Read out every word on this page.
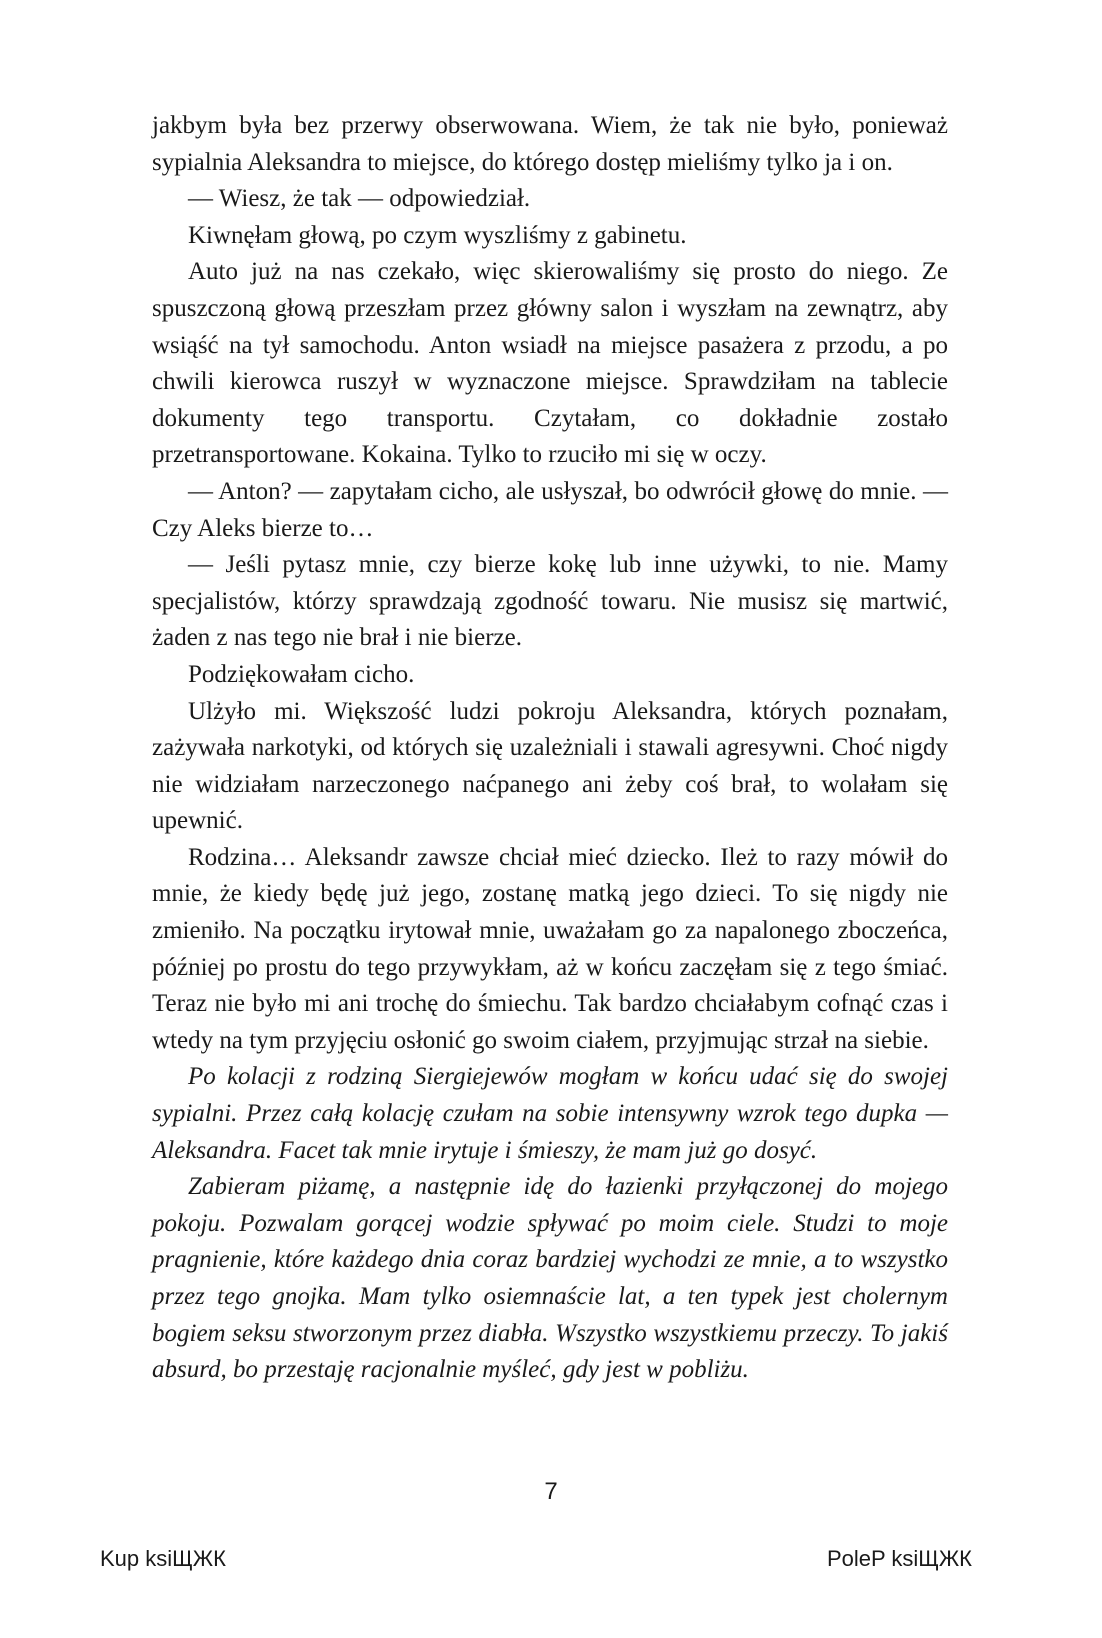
jakbym była bez przerwy obserwowana. Wiem, że tak nie było, ponieważ sypialnia Aleksandra to miejsce, do którego dostęp mieliśmy tylko ja i on.

— Wiesz, że tak — odpowiedział.

Kiwnęłam głową, po czym wyszliśmy z gabinetu.

Auto już na nas czekało, więc skierowaliśmy się prosto do niego. Ze spuszczoną głową przeszłam przez główny salon i wyszłam na zewnątrz, aby wsiąść na tył samochodu. Anton wsiadł na miejsce pasażera z przodu, a po chwili kierowca ruszył w wyznaczone miejsce. Sprawdziłam na tablecie dokumenty tego transportu. Czytałam, co dokładnie zostało przetransportowane. Kokaina. Tylko to rzuciło mi się w oczy.

— Anton? — zapytałam cicho, ale usłyszał, bo odwrócił głowę do mnie. — Czy Aleks bierze to…

— Jeśli pytasz mnie, czy bierze kokę lub inne używki, to nie. Mamy specjalistów, którzy sprawdzają zgodność towaru. Nie musisz się martwić, żaden z nas tego nie brał i nie bierze.

Podziękowałam cicho.

Ulżyło mi. Większość ludzi pokroju Aleksandra, których poznałam, zażywała narkotyki, od których się uzależniali i stawali agresywni. Choć nigdy nie widziałam narzeczonego naćpanego ani żeby coś brał, to wolałam się upewnić.

Rodzina… Aleksandr zawsze chciał mieć dziecko. Ileż to razy mówił do mnie, że kiedy będę już jego, zostanę matką jego dzieci. To się nigdy nie zmieniło. Na początku irytował mnie, uważałam go za napalonego zboczeńca, później po prostu do tego przywykłam, aż w końcu zaczęłam się z tego śmiać. Teraz nie było mi ani trochę do śmiechu. Tak bardzo chciałabym cofnąć czas i wtedy na tym przyjęciu osłonić go swoim ciałem, przyjmując strzał na siebie.

Po kolacji z rodziną Siergiejewów mogłam w końcu udać się do swojej sypialni. Przez całą kolację czułam na sobie intensywny wzrok tego dupka — Aleksandra. Facet tak mnie irytuje i śmieszy, że mam już go dosyć.

Zabieram piżamę, a następnie idę do łazienki przyłączonej do mojego pokoju. Pozwalam gorącej wodzie spływać po moim ciele. Studzi to moje pragnienie, które każdego dnia coraz bardziej wychodzi ze mnie, a to wszystko przez tego gnojka. Mam tylko osiemnaście lat, a ten typek jest cholernym bogiem seksu stworzonym przez diabła. Wszystko wszystkiemu przeczy. To jakiś absurd, bo przestaję racjonalnie myśleć, gdy jest w pobliżu.

7
Kup ksiЩЖК	PoleP ksiЩЖК
